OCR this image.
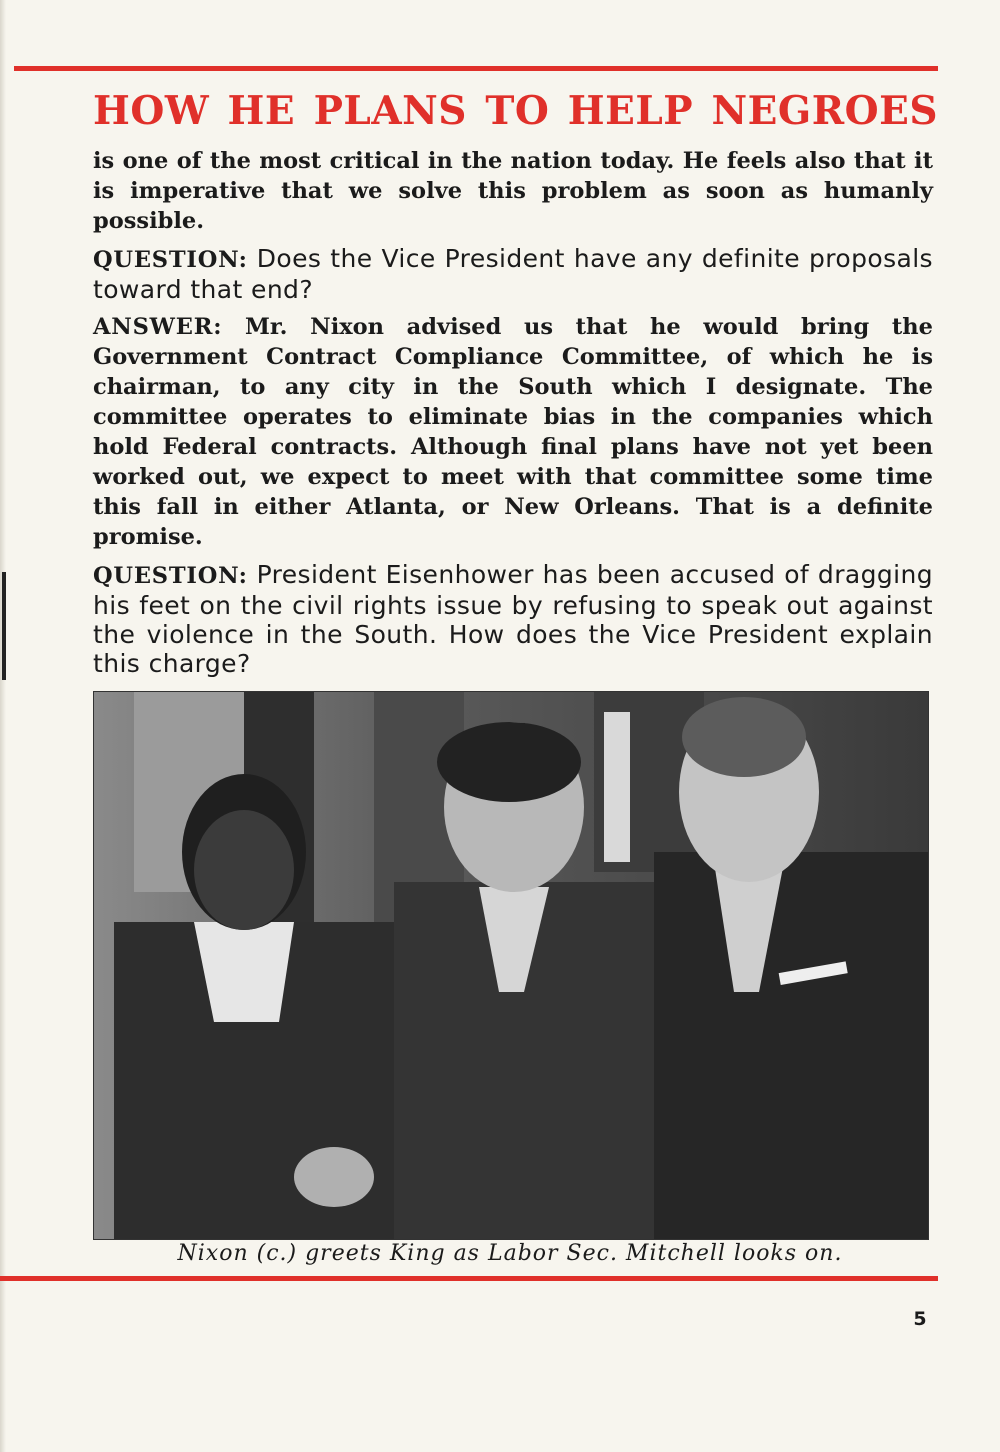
HOW HE PLANS TO HELP NEGROES

is one of the most critical in the nation today. He feels also that it is imperative that we solve this problem as soon as humanly possible.

QUESTION: Does the Vice President have any definite proposals toward that end?

ANSWER: Mr. Nixon advised us that he would bring the Government Contract Compliance Committee, of which he is chairman, to any city in the South which I designate. The committee operates to eliminate bias in the companies which hold Federal contracts. Although final plans have not yet been worked out, we expect to meet with that committee some time this fall in either Atlanta, or New Orleans. That is a definite promise.

QUESTION: President Eisenhower has been accused of dragging his feet on the civil rights issue by refusing to speak out against the violence in the South. How does the Vice President explain this charge?

Nixon (c.) greets King as Labor Sec. Mitchell looks on.

5
